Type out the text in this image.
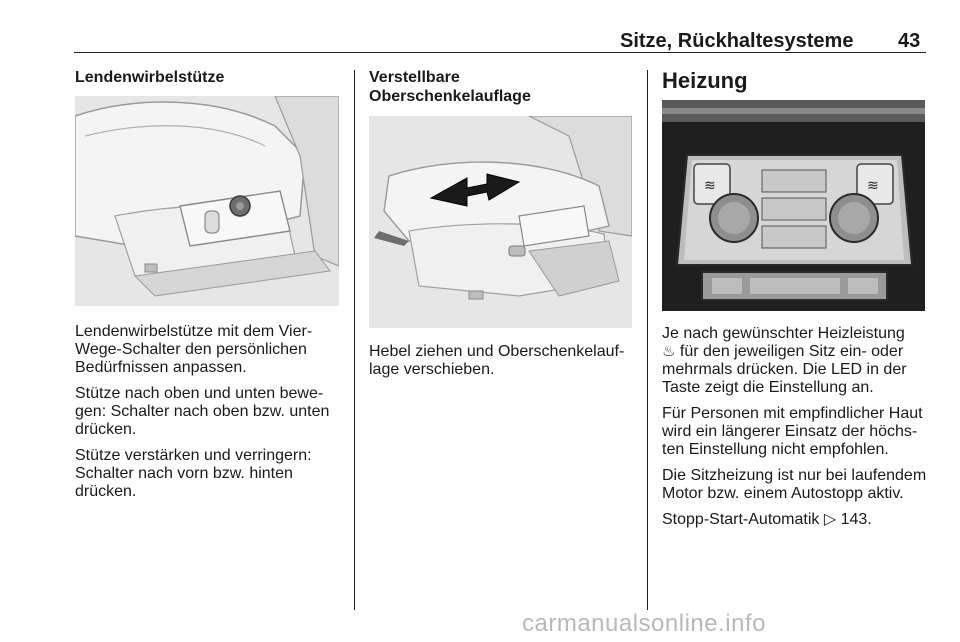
Sitze, Rückhaltesysteme 43
Lendenwirbelstütze

Lendenwirbelstütze mit dem Vier-Wege-Schalter den persönlichen Bedürfnissen anpassen.

Stütze nach oben und unten bewe-gen: Schalter nach oben bzw. unten drücken.

Stütze verstärken und verringern: Schalter nach vorn bzw. hinten drücken.

Verstellbare
Oberschenkelauflage

Hebel ziehen und Oberschenkelauf-lage verschieben.

Heizung
≋	≋

Je nach gewünschter Heizleistung

♨ für den jeweiligen Sitz ein- oder mehrmals drücken. Die LED in der Taste zeigt die Einstellung an.

Für Personen mit empfindlicher Haut wird ein längerer Einsatz der höchs-ten Einstellung nicht empfohlen.

Die Sitzheizung ist nur bei laufendem Motor bzw. einem Autostopp aktiv.

Stopp-Start-Automatik ▷ 143.

carmanualsonline.info
